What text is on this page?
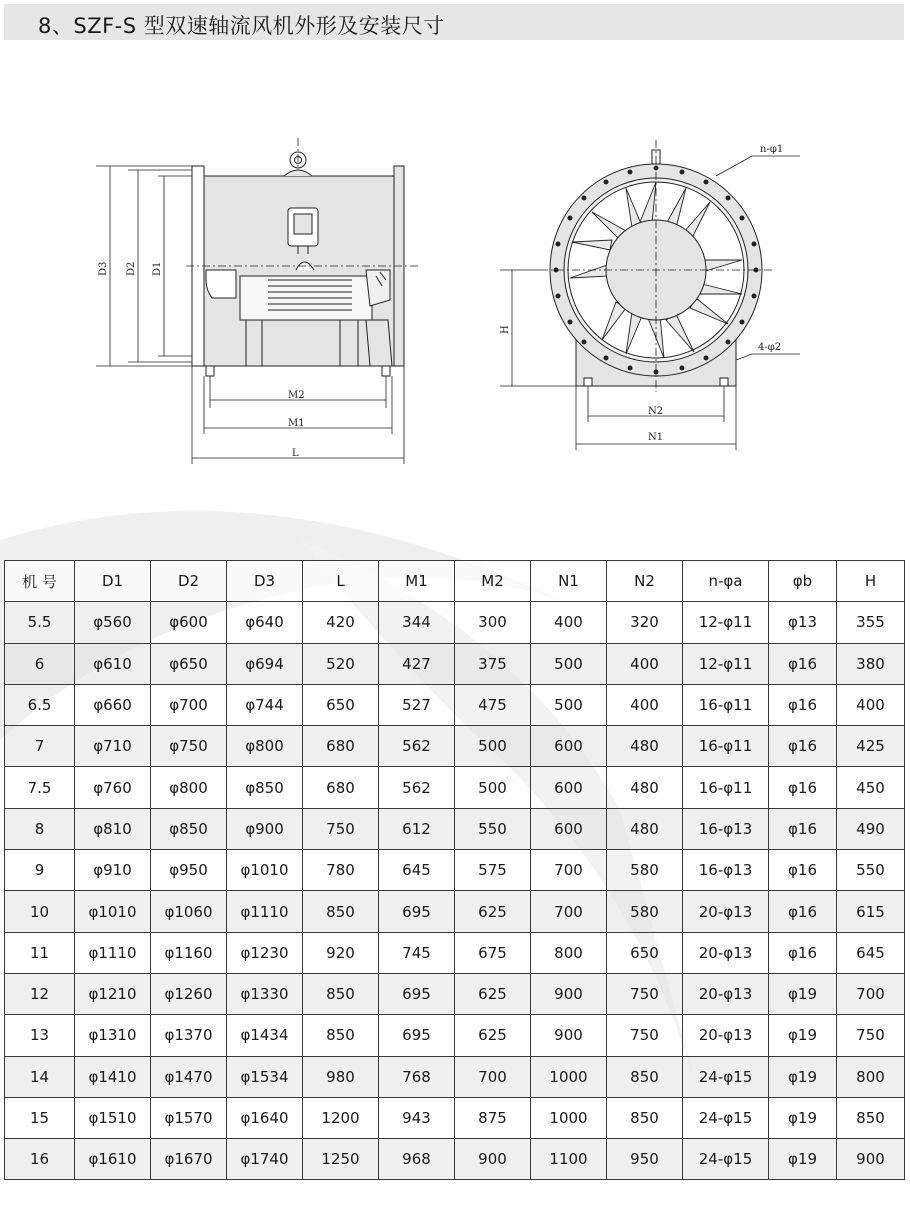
8、SZF-S 型双速轴流风机外形及安装尺寸
D3 D2 D1
M2
M1
L
H
N2
N1
n-φ1
4-φ2
机 号	D1	D2	D3	L	M1	M2	N1	N2	n-φa	φb	H
5.5	φ560	φ600	φ640	420	344	300	400	320	12-φ11	φ13	355
6	φ610	φ650	φ694	520	427	375	500	400	12-φ11	φ16	380
6.5	φ660	φ700	φ744	650	527	475	500	400	16-φ11	φ16	400
7	φ710	φ750	φ800	680	562	500	600	480	16-φ11	φ16	425
7.5	φ760	φ800	φ850	680	562	500	600	480	16-φ11	φ16	450
8	φ810	φ850	φ900	750	612	550	600	480	16-φ13	φ16	490
9	φ910	φ950	φ1010	780	645	575	700	580	16-φ13	φ16	550
10	φ1010	φ1060	φ1110	850	695	625	700	580	20-φ13	φ16	615
11	φ1110	φ1160	φ1230	920	745	675	800	650	20-φ13	φ16	645
12	φ1210	φ1260	φ1330	850	695	625	900	750	20-φ13	φ19	700
13	φ1310	φ1370	φ1434	850	695	625	900	750	20-φ13	φ19	750
14	φ1410	φ1470	φ1534	980	768	700	1000	850	24-φ15	φ19	800
15	φ1510	φ1570	φ1640	1200	943	875	1000	850	24-φ15	φ19	850
16	φ1610	φ1670	φ1740	1250	968	900	1100	950	24-φ15	φ19	900
